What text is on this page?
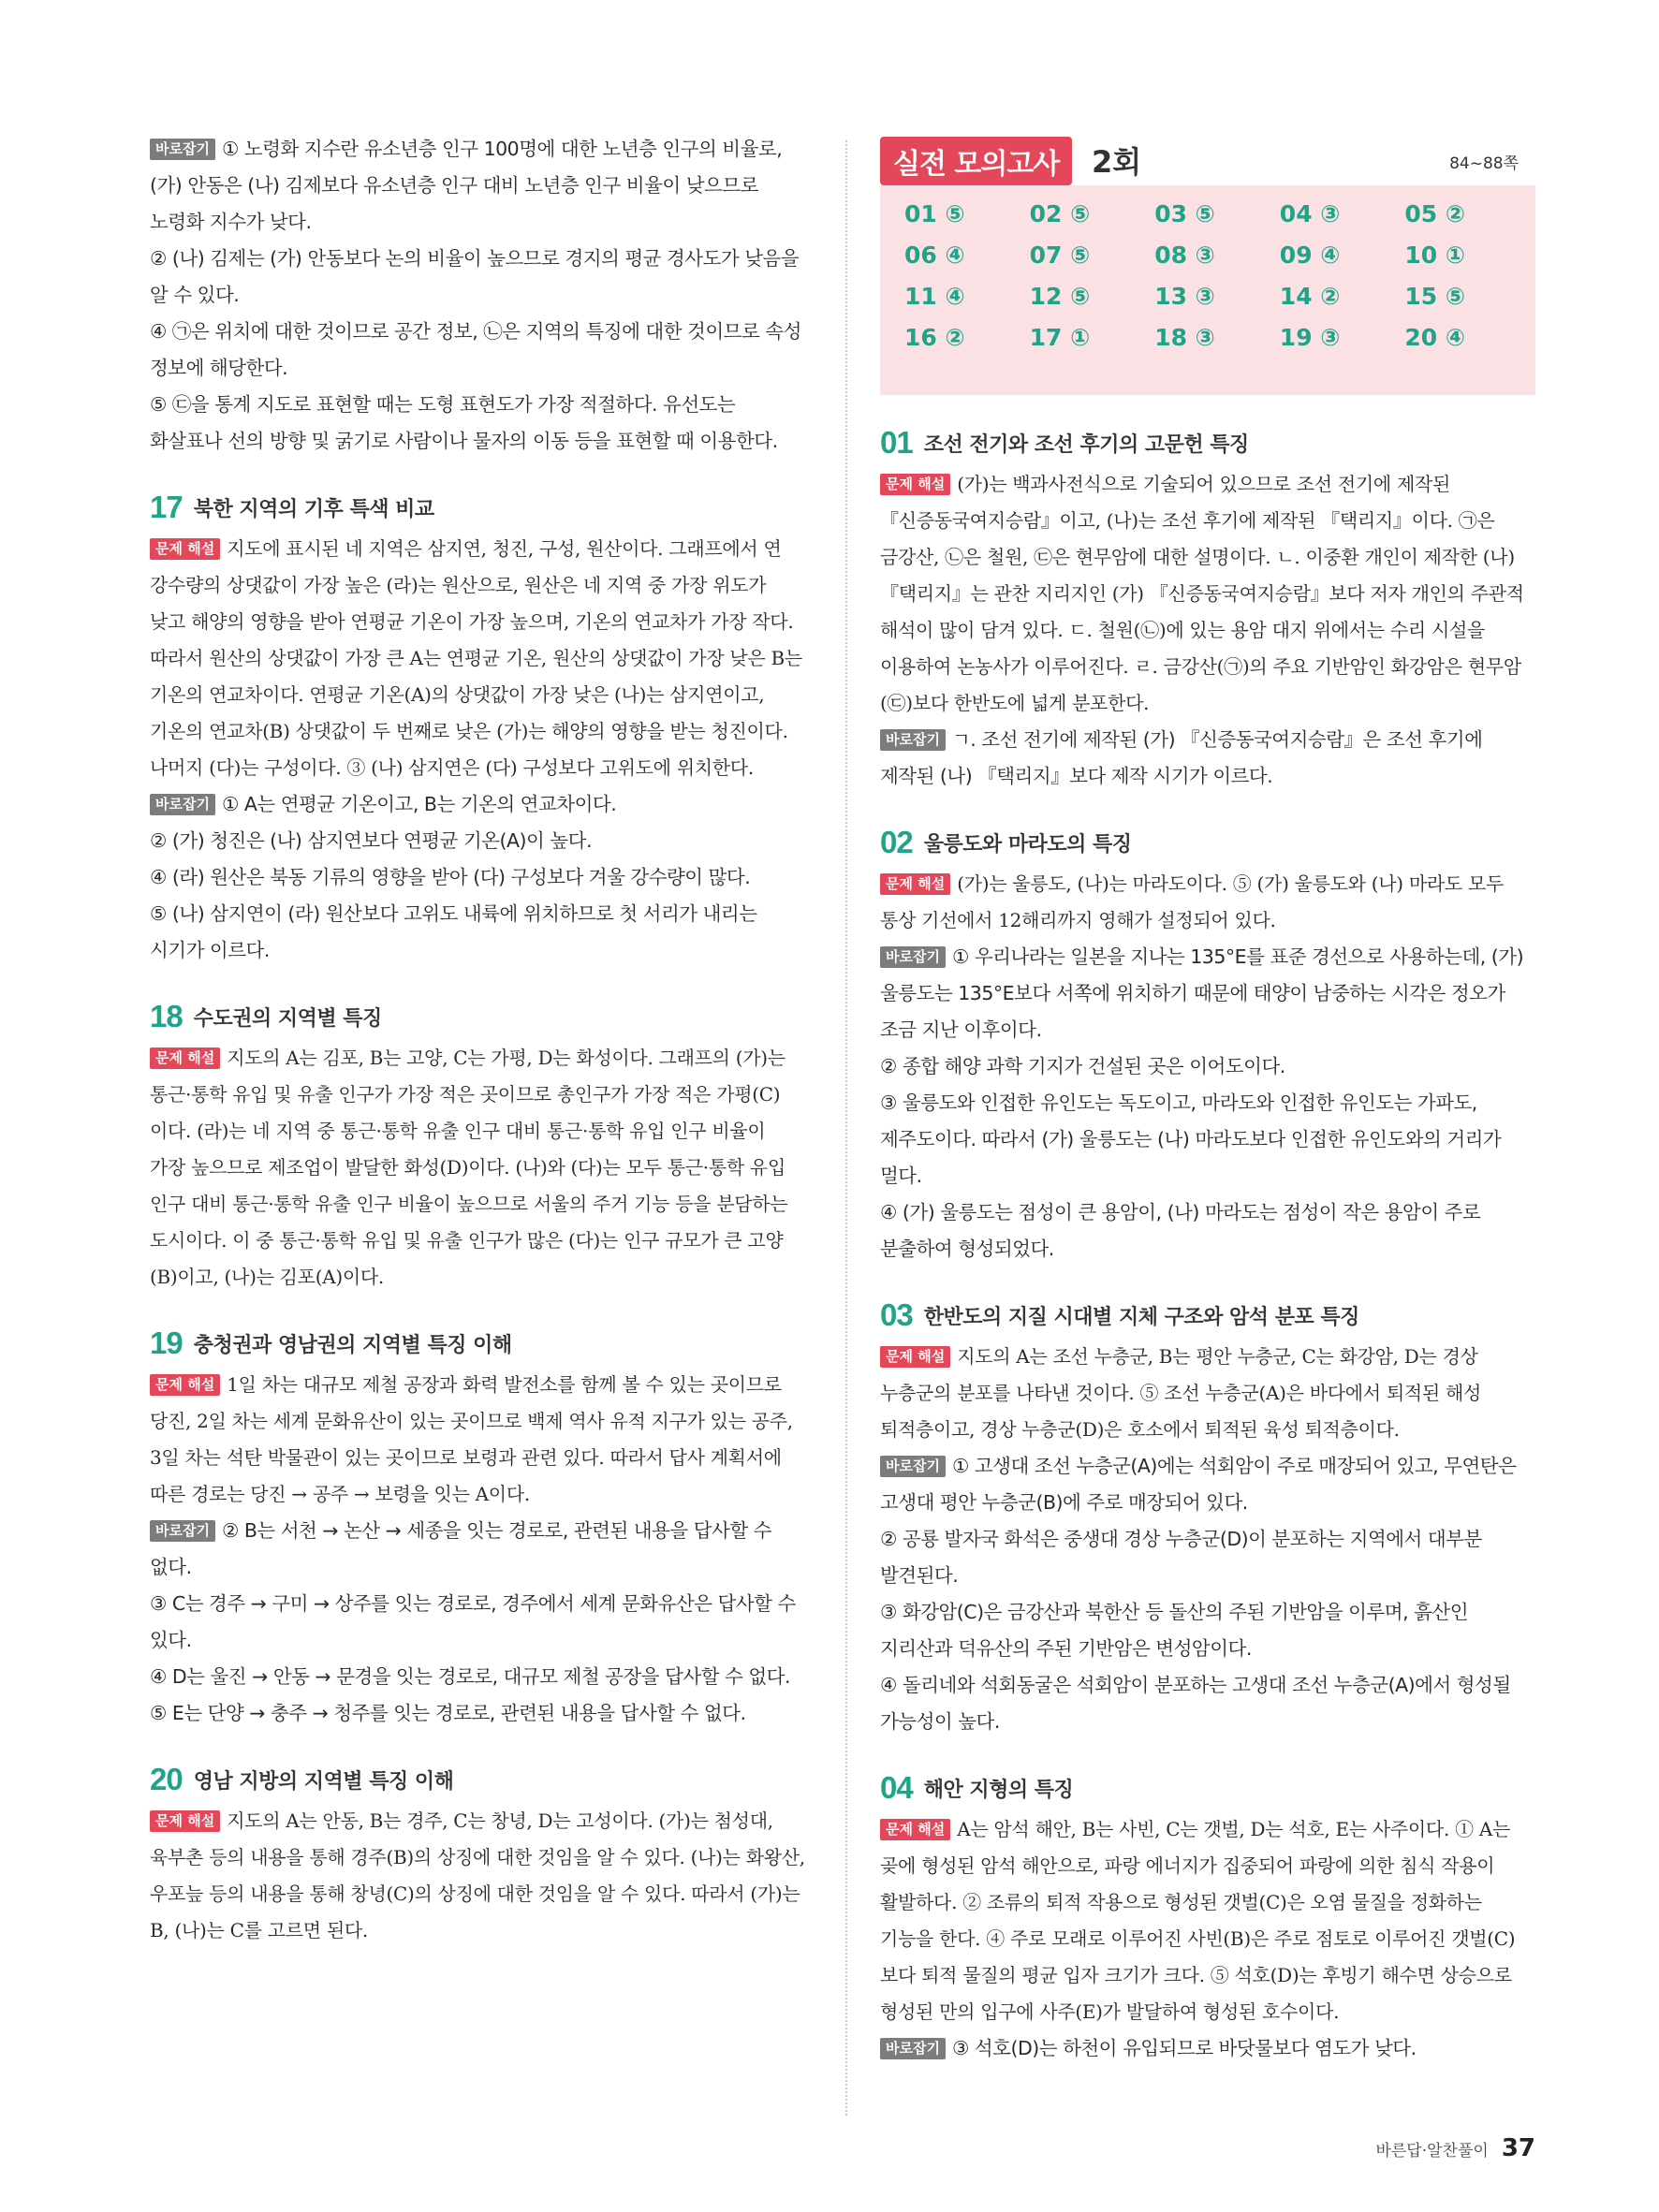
바로잡기 ① 노령화 지수란 유소년층 인구 100명에 대한 노년층 인구의 비율로, (가) 안동은 (나) 김제보다 유소년층 인구 대비 노년층 인구 비율이 낮으므로 노령화 지수가 낮다.

② (나) 김제는 (가) 안동보다 논의 비율이 높으므로 경지의 평균 경사도가 낮음을 알 수 있다.

④ ㉠은 위치에 대한 것이므로 공간 정보, ㉡은 지역의 특징에 대한 것이므로 속성 정보에 해당한다.

⑤ ㉢을 통계 지도로 표현할 때는 도형 표현도가 가장 적절하다. 유선도는 화살표나 선의 방향 및 굵기로 사람이나 물자의 이동 등을 표현할 때 이용한다.

17 북한 지역의 기후 특색 비교

문제 해설 지도에 표시된 네 지역은 삼지연, 청진, 구성, 원산이다. 그래프에서 연 강수량의 상댓값이 가장 높은 (라)는 원산으로, 원산은 네 지역 중 가장 위도가 낮고 해양의 영향을 받아 연평균 기온이 가장 높으며, 기온의 연교차가 가장 작다. 따라서 원산의 상댓값이 가장 큰 A는 연평균 기온, 원산의 상댓값이 가장 낮은 B는 기온의 연교차이다. 연평균 기온(A)의 상댓값이 가장 낮은 (나)는 삼지연이고, 기온의 연교차(B) 상댓값이 두 번째로 낮은 (가)는 해양의 영향을 받는 청진이다. 나머지 (다)는 구성이다. ③ (나) 삼지연은 (다) 구성보다 고위도에 위치한다.

바로잡기 ① A는 연평균 기온이고, B는 기온의 연교차이다.

② (가) 청진은 (나) 삼지연보다 연평균 기온(A)이 높다.

④ (라) 원산은 북동 기류의 영향을 받아 (다) 구성보다 겨울 강수량이 많다.

⑤ (나) 삼지연이 (라) 원산보다 고위도 내륙에 위치하므로 첫 서리가 내리는 시기가 이르다.

18 수도권의 지역별 특징

문제 해설 지도의 A는 김포, B는 고양, C는 가평, D는 화성이다. 그래프의 (가)는 통근·통학 유입 및 유출 인구가 가장 적은 곳이므로 총인구가 가장 적은 가평(C)이다. (라)는 네 지역 중 통근·통학 유출 인구 대비 통근·통학 유입 인구 비율이 가장 높으므로 제조업이 발달한 화성(D)이다. (나)와 (다)는 모두 통근·통학 유입 인구 대비 통근·통학 유출 인구 비율이 높으므로 서울의 주거 기능 등을 분담하는 도시이다. 이 중 통근·통학 유입 및 유출 인구가 많은 (다)는 인구 규모가 큰 고양(B)이고, (나)는 김포(A)이다.

19 충청권과 영남권의 지역별 특징 이해

문제 해설 1일 차는 대규모 제철 공장과 화력 발전소를 함께 볼 수 있는 곳이므로 당진, 2일 차는 세계 문화유산이 있는 곳이므로 백제 역사 유적 지구가 있는 공주, 3일 차는 석탄 박물관이 있는 곳이므로 보령과 관련 있다. 따라서 답사 계획서에 따른 경로는 당진 → 공주 → 보령을 잇는 A이다.

바로잡기 ② B는 서천 → 논산 → 세종을 잇는 경로로, 관련된 내용을 답사할 수 없다.

③ C는 경주 → 구미 → 상주를 잇는 경로로, 경주에서 세계 문화유산은 답사할 수 있다.

④ D는 울진 → 안동 → 문경을 잇는 경로로, 대규모 제철 공장을 답사할 수 없다.

⑤ E는 단양 → 충주 → 청주를 잇는 경로로, 관련된 내용을 답사할 수 없다.

20 영남 지방의 지역별 특징 이해

문제 해설 지도의 A는 안동, B는 경주, C는 창녕, D는 고성이다. (가)는 첨성대, 육부촌 등의 내용을 통해 경주(B)의 상징에 대한 것임을 알 수 있다. (나)는 화왕산, 우포늪 등의 내용을 통해 창녕(C)의 상징에 대한 것임을 알 수 있다. 따라서 (가)는 B, (나)는 C를 고르면 된다.

실전 모의고사	2회	84~88쪽
01 ⑤	02 ⑤	03 ⑤	04 ③	05 ②
06 ④	07 ⑤	08 ③	09 ④	10 ①
11 ④	12 ⑤	13 ③	14 ②	15 ⑤
16 ②	17 ①	18 ③	19 ③	20 ④
01 조선 전기와 조선 후기의 고문헌 특징

문제 해설 (가)는 백과사전식으로 기술되어 있으므로 조선 전기에 제작된 『신증동국여지승람』이고, (나)는 조선 후기에 제작된 『택리지』이다. ㉠은 금강산, ㉡은 철원, ㉢은 현무암에 대한 설명이다. ㄴ. 이중환 개인이 제작한 (나) 『택리지』는 관찬 지리지인 (가) 『신증동국여지승람』보다 저자 개인의 주관적 해석이 많이 담겨 있다. ㄷ. 철원(㉡)에 있는 용암 대지 위에서는 수리 시설을 이용하여 논농사가 이루어진다. ㄹ. 금강산(㉠)의 주요 기반암인 화강암은 현무암(㉢)보다 한반도에 넓게 분포한다.

바로잡기 ㄱ. 조선 전기에 제작된 (가) 『신증동국여지승람』은 조선 후기에 제작된 (나) 『택리지』보다 제작 시기가 이르다.

02 울릉도와 마라도의 특징

문제 해설 (가)는 울릉도, (나)는 마라도이다. ⑤ (가) 울릉도와 (나) 마라도 모두 통상 기선에서 12해리까지 영해가 설정되어 있다.

바로잡기 ① 우리나라는 일본을 지나는 135°E를 표준 경선으로 사용하는데, (가) 울릉도는 135°E보다 서쪽에 위치하기 때문에 태양이 남중하는 시각은 정오가 조금 지난 이후이다.

② 종합 해양 과학 기지가 건설된 곳은 이어도이다.

③ 울릉도와 인접한 유인도는 독도이고, 마라도와 인접한 유인도는 가파도, 제주도이다. 따라서 (가) 울릉도는 (나) 마라도보다 인접한 유인도와의 거리가 멀다.

④ (가) 울릉도는 점성이 큰 용암이, (나) 마라도는 점성이 작은 용암이 주로 분출하여 형성되었다.

03 한반도의 지질 시대별 지체 구조와 암석 분포 특징

문제 해설 지도의 A는 조선 누층군, B는 평안 누층군, C는 화강암, D는 경상 누층군의 분포를 나타낸 것이다. ⑤ 조선 누층군(A)은 바다에서 퇴적된 해성 퇴적층이고, 경상 누층군(D)은 호소에서 퇴적된 육성 퇴적층이다.

바로잡기 ① 고생대 조선 누층군(A)에는 석회암이 주로 매장되어 있고, 무연탄은 고생대 평안 누층군(B)에 주로 매장되어 있다.

② 공룡 발자국 화석은 중생대 경상 누층군(D)이 분포하는 지역에서 대부분 발견된다.

③ 화강암(C)은 금강산과 북한산 등 돌산의 주된 기반암을 이루며, 흙산인 지리산과 덕유산의 주된 기반암은 변성암이다.

④ 돌리네와 석회동굴은 석회암이 분포하는 고생대 조선 누층군(A)에서 형성될 가능성이 높다.

04 해안 지형의 특징

문제 해설 A는 암석 해안, B는 사빈, C는 갯벌, D는 석호, E는 사주이다. ① A는 곶에 형성된 암석 해안으로, 파랑 에너지가 집중되어 파랑에 의한 침식 작용이 활발하다. ② 조류의 퇴적 작용으로 형성된 갯벌(C)은 오염 물질을 정화하는 기능을 한다. ④ 주로 모래로 이루어진 사빈(B)은 주로 점토로 이루어진 갯벌(C)보다 퇴적 물질의 평균 입자 크기가 크다. ⑤ 석호(D)는 후빙기 해수면 상승으로 형성된 만의 입구에 사주(E)가 발달하여 형성된 호수이다.

바로잡기 ③ 석호(D)는 하천이 유입되므로 바닷물보다 염도가 낮다.

바른답·알찬풀이 37
